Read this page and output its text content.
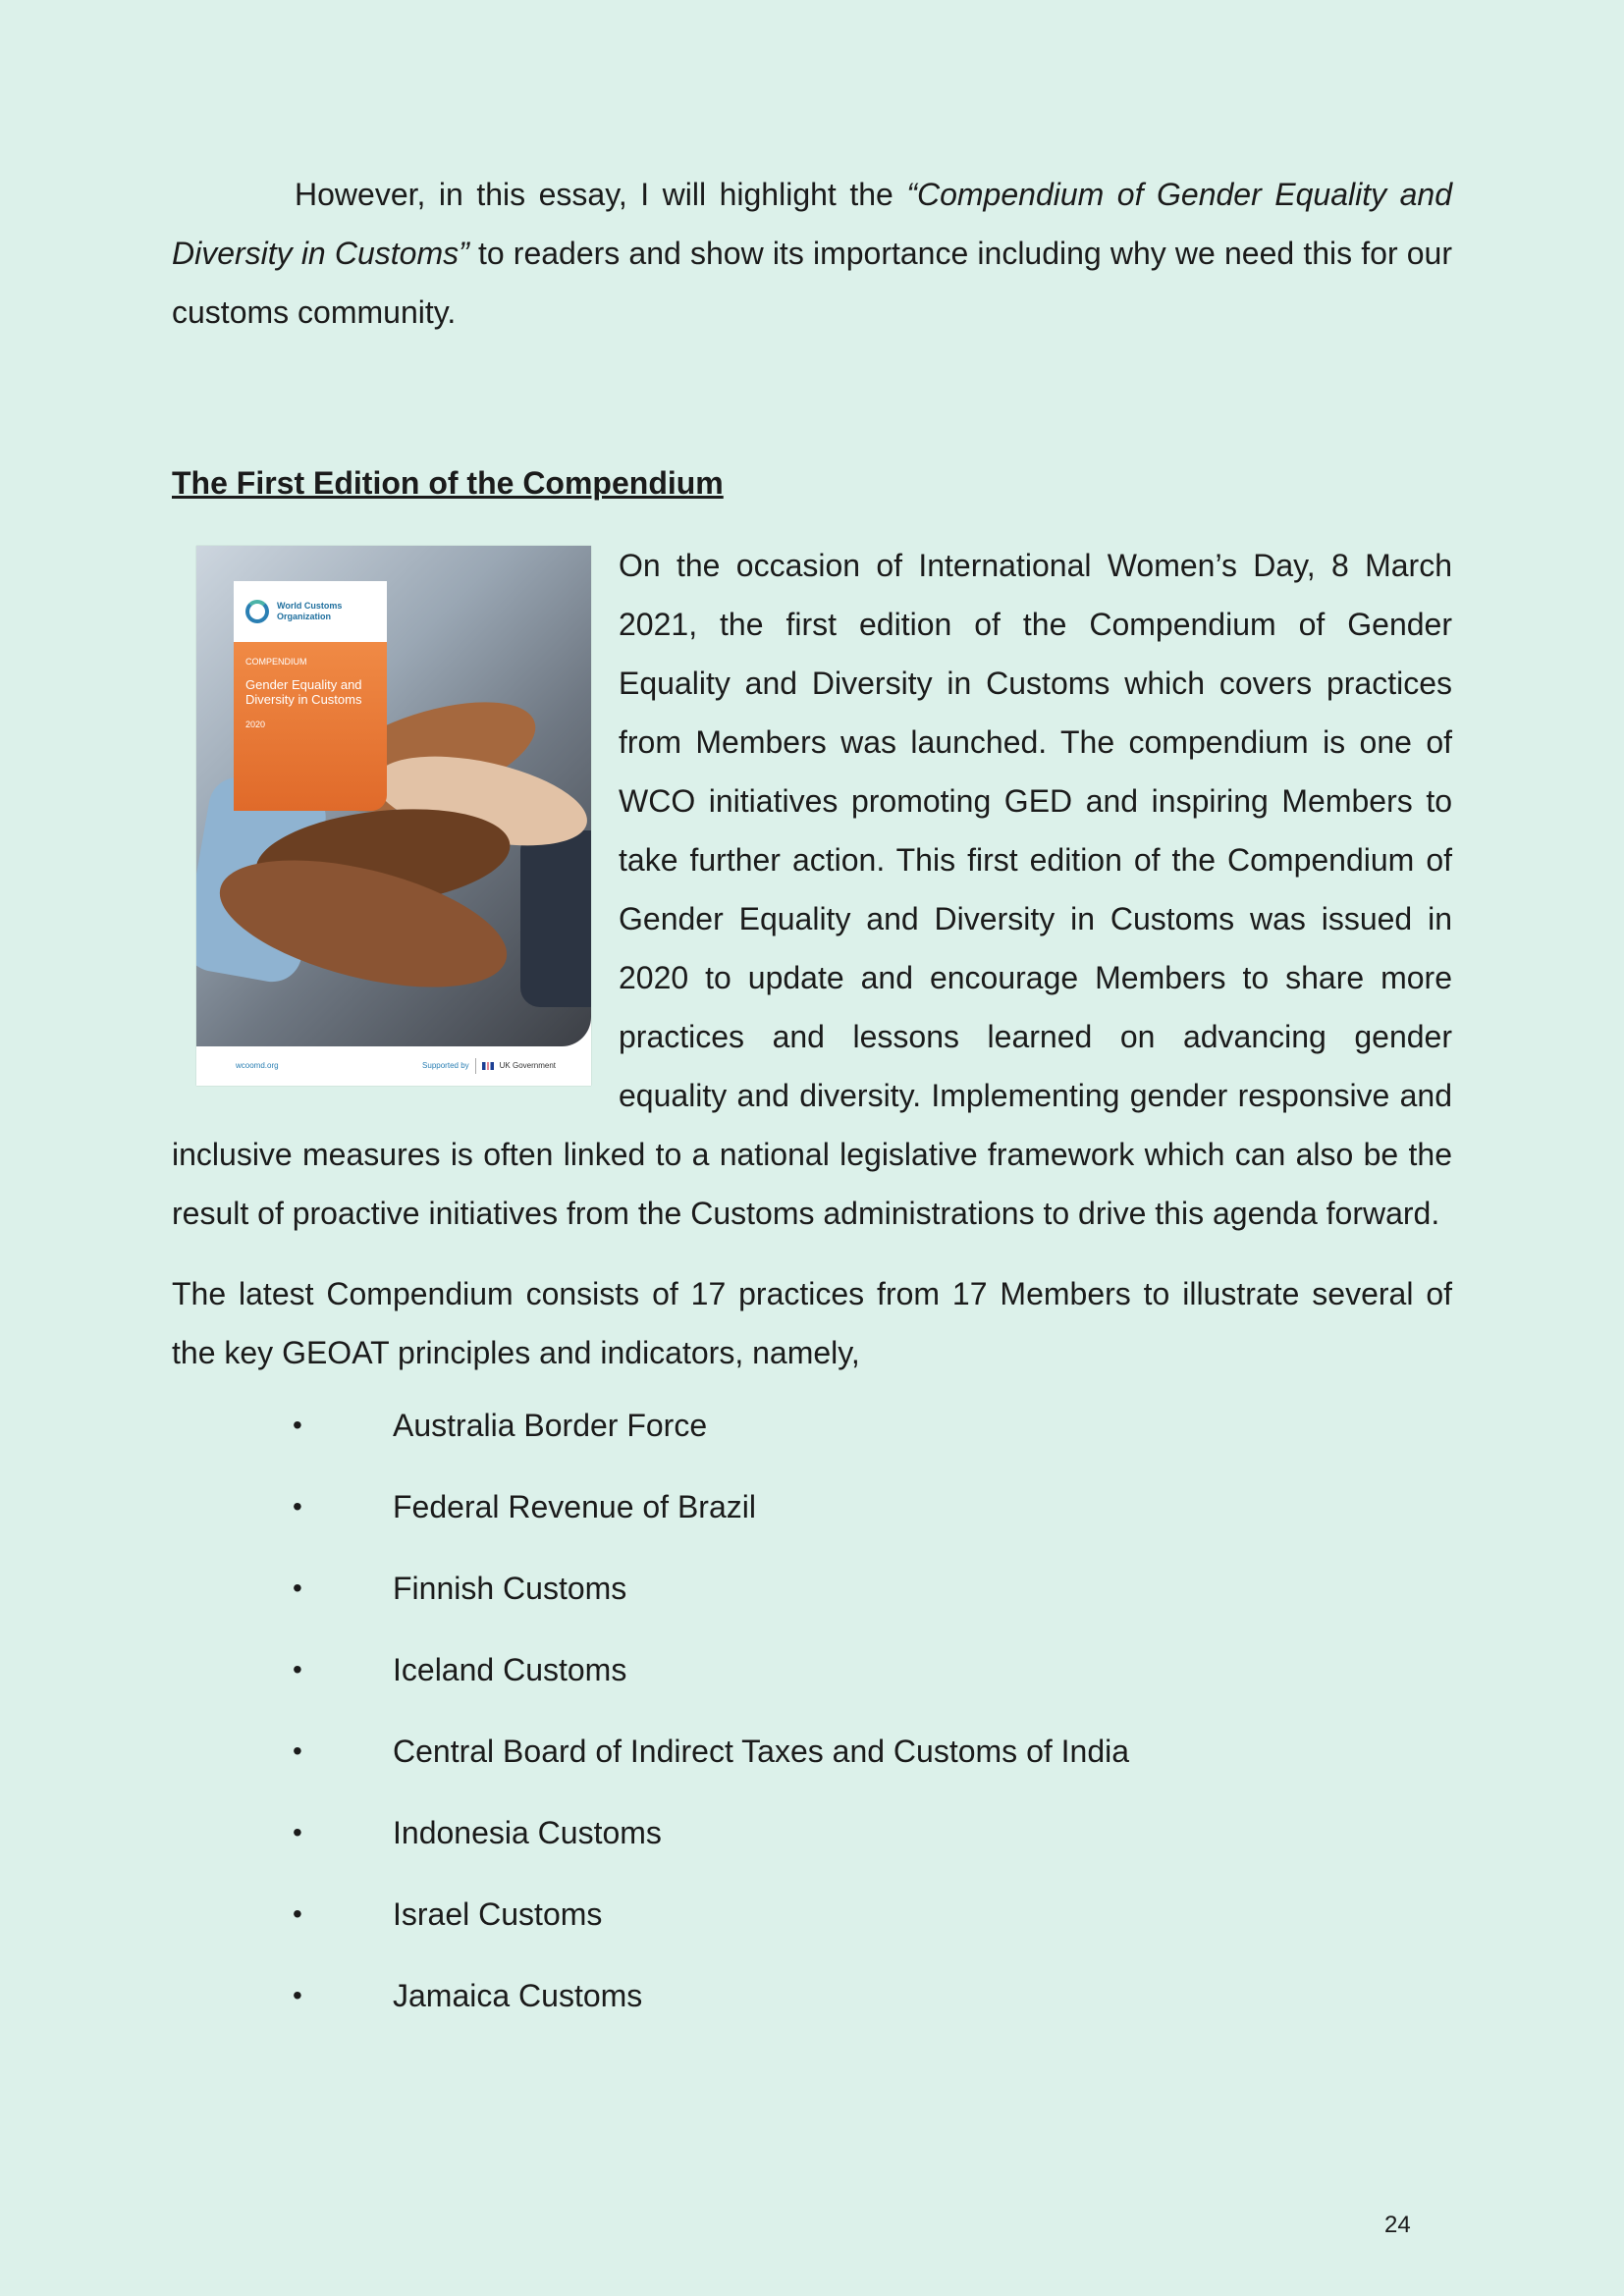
However, in this essay, I will highlight the “Compendium of Gender Equality and Diversity in Customs” to readers and show its importance including why we need this for our customs community.

The First Edition of the Compendium
World Customs
Organization
COMPENDIUM
Gender Equality and Diversity in Customs
2020
wcoomd.org	Supported by	UK Government

On the occasion of International Women’s Day, 8 March 2021, the first edition of the Compendium of Gender Equality and Diversity in Customs which covers practices from Members was launched. The compendium is one of WCO initiatives promoting GED and inspiring Members to take further action. This first edition of the Compendium of Gender Equality and Diversity in Customs was issued in 2020 to update and encourage Members to share more practices and lessons learned on advancing gender equality and diversity. Implementing gender responsive and inclusive measures is often linked to a national legislative framework which can also be the result of proactive initiatives from the Customs administrations to drive this agenda forward.

The latest Compendium consists of 17 practices from 17 Members to illustrate several of the key GEOAT principles and indicators, namely,

•	Australia Border Force
•	Federal Revenue of Brazil
•	Finnish Customs
•	Iceland Customs
•	Central Board of Indirect Taxes and Customs of India
•	Indonesia Customs
•	Israel Customs
•	Jamaica Customs
24
